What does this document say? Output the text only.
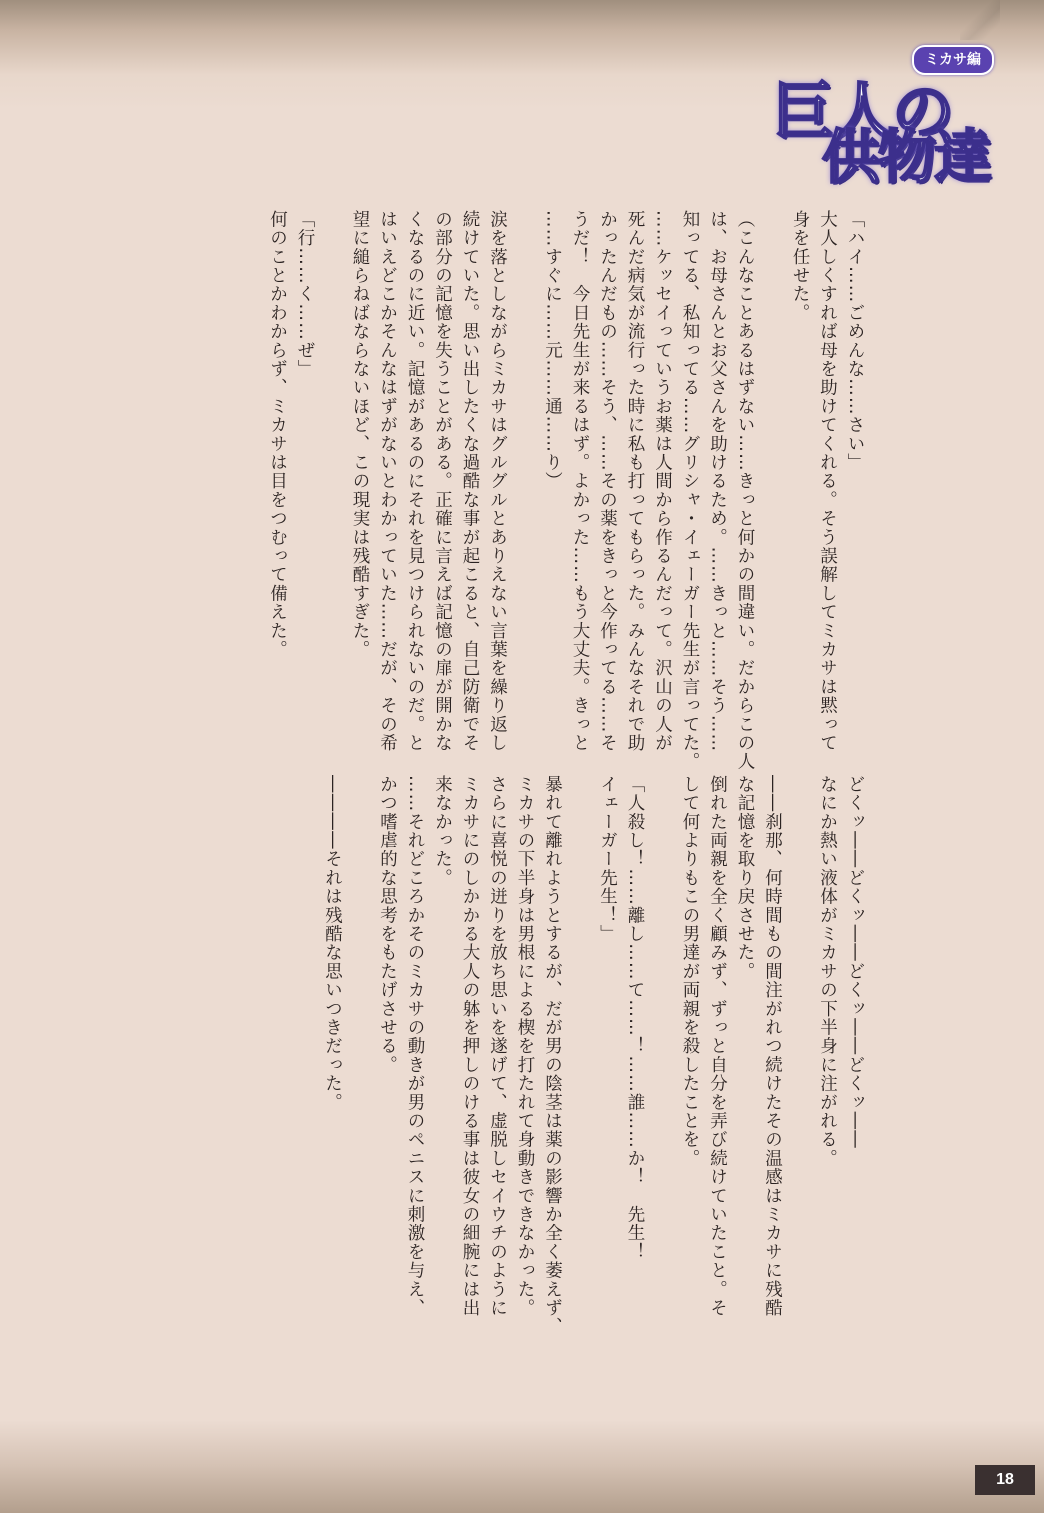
ミカサ編
巨人の
供物達
「ハイ……ごめんな……さい」
大人しくすれば母を助けてくれる。そう誤解してミカサは黙って
身を任せた。
（こんなことあるはずない……きっと何かの間違い。だからこの人
は、お母さんとお父さんを助けるため。……きっと……そう……
知ってる、私知ってる……グリシャ・イェーガー先生が言ってた。
……ケッセイっていうお薬は人間から作るんだって。沢山の人が
死んだ病気が流行った時に私も打ってもらった。みんなそれで助
かったんだもの……そう、……その薬をきっと今作ってる……そ
うだ！　今日先生が来るはず。よかった……もう大丈夫。きっと
……すぐに……元……通……り）
涙を落としながらミカサはグルグルとありえない言葉を繰り返し
続けていた。思い出したくな過酷な事が起こると、自己防衛でそ
の部分の記憶を失うことがある。正確に言えば記憶の扉が開かな
くなるのに近い。記憶があるのにそれを見つけられないのだ。と
はいえどこかそんなはずがないとわかっていた……だが、その希
望に縋らねばならないほど、この現実は残酷すぎた。
「行……く……ぜ」
何のことかわからず、ミカサは目をつむって備えた。
どくッ――どくッ――どくッ――どくッ――
なにか熱い液体がミカサの下半身に注がれる。
――刹那、何時間もの間注がれつ続けたその温感はミカサに残酷
な記憶を取り戻させた。
倒れた両親を全く顧みず、ずっと自分を弄び続けていたこと。そ
して何よりもこの男達が両親を殺したことを。
「人殺し！……離し……て……！……誰……か！　先生！
イェーガー先生！」
暴れて離れようとするが、だが男の陰茎は薬の影響か全く萎えず、
ミカサの下半身は男根による楔を打たれて身動きできなかった。
さらに喜悦の迸りを放ち思いを遂げて、虚脱しセイウチのように
ミカサにのしかかる大人の躰を押しのける事は彼女の細腕には出
来なかった。
……それどころかそのミカサの動きが男のペニスに刺激を与え、
かつ嗜虐的な思考をもたげさせる。
――――それは残酷な思いつきだった。
18
